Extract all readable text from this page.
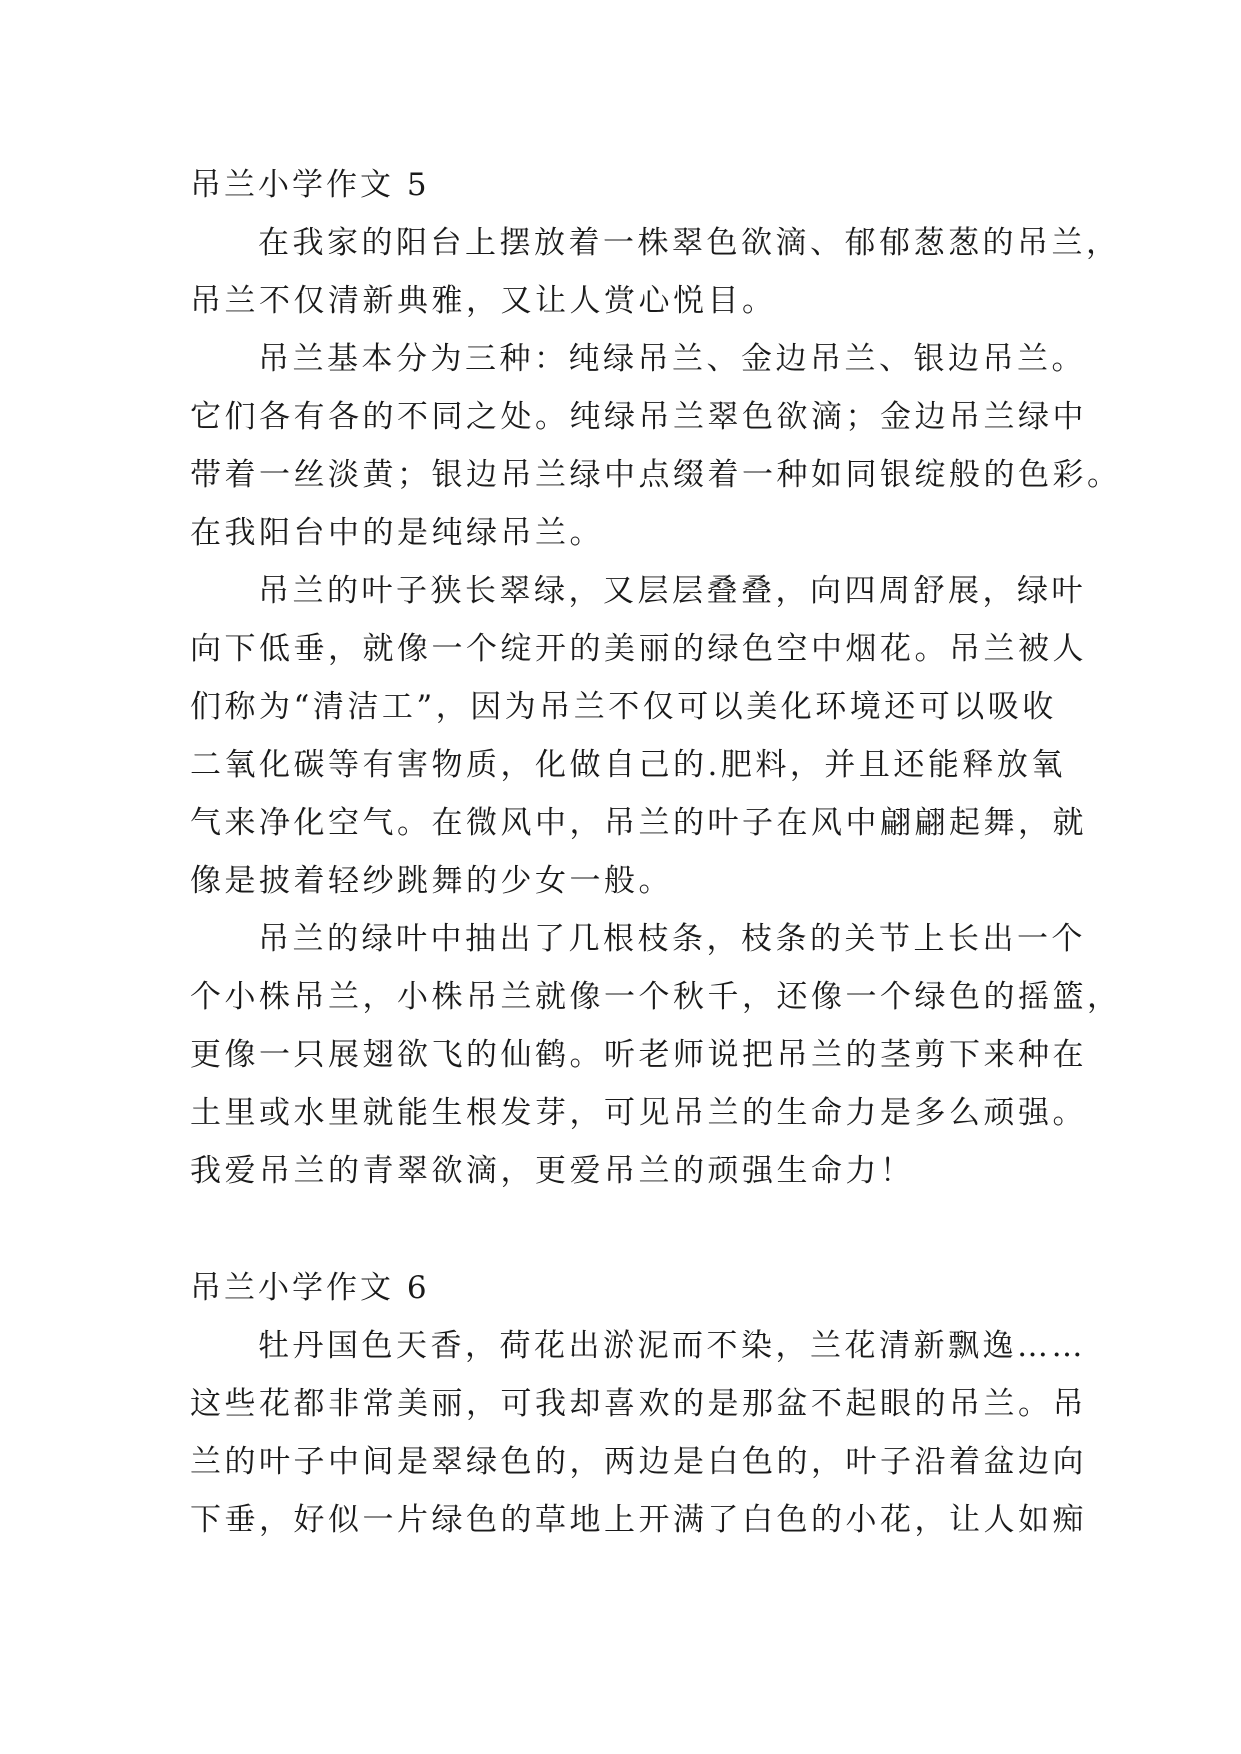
吊兰小学作文 5
在我家的阳台上摆放着一株翠色欲滴、郁郁葱葱的吊兰，
吊兰不仅清新典雅，又让人赏心悦目。
吊兰基本分为三种：纯绿吊兰、金边吊兰、银边吊兰。
它们各有各的不同之处。纯绿吊兰翠色欲滴；金边吊兰绿中
带着一丝淡黄；银边吊兰绿中点缀着一种如同银绽般的色彩。
在我阳台中的是纯绿吊兰。
吊兰的叶子狭长翠绿，又层层叠叠，向四周舒展，绿叶
向下低垂，就像一个绽开的美丽的绿色空中烟花。吊兰被人
们称为“清洁工”，因为吊兰不仅可以美化环境还可以吸收
二氧化碳等有害物质，化做自己的.肥料，并且还能释放氧
气来净化空气。在微风中，吊兰的叶子在风中翩翩起舞，就
像是披着轻纱跳舞的少女一般。
吊兰的绿叶中抽出了几根枝条，枝条的关节上长出一个
个小株吊兰，小株吊兰就像一个秋千，还像一个绿色的摇篮，
更像一只展翅欲飞的仙鹤。听老师说把吊兰的茎剪下来种在
土里或水里就能生根发芽，可见吊兰的生命力是多么顽强。
我爱吊兰的青翠欲滴，更爱吊兰的顽强生命力！
吊兰小学作文 6
牡丹国色天香，荷花出淤泥而不染，兰花清新飘逸……
这些花都非常美丽，可我却喜欢的是那盆不起眼的吊兰。吊
兰的叶子中间是翠绿色的，两边是白色的，叶子沿着盆边向
下垂，好似一片绿色的草地上开满了白色的小花，让人如痴
